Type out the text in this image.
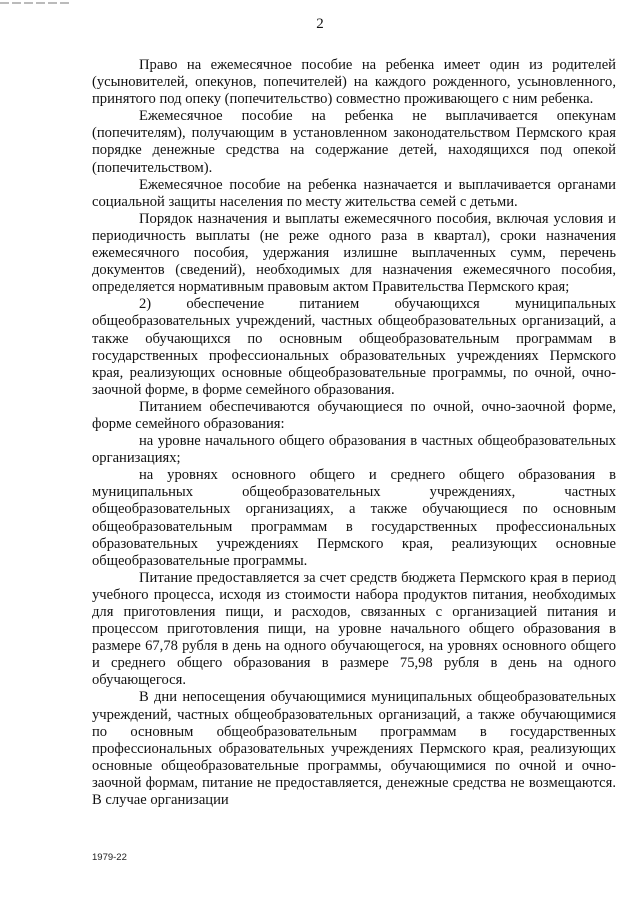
2

Право на ежемесячное пособие на ребенка имеет один из родителей (усыновителей, опекунов, попечителей) на каждого рожденного, усыновленного, принятого под опеку (попечительство) совместно проживающего с ним ребенка.

Ежемесячное пособие на ребенка не выплачивается опекунам (попечителям), получающим в установленном законодательством Пермского края порядке денежные средства на содержание детей, находящихся под опекой (попечительством).

Ежемесячное пособие на ребенка назначается и выплачивается органами социальной защиты населения по месту жительства семей с детьми.

Порядок назначения и выплаты ежемесячного пособия, включая условия и периодичность выплаты (не реже одного раза в квартал), сроки назначения ежемесячного пособия, удержания излишне выплаченных сумм, перечень документов (сведений), необходимых для назначения ежемесячного пособия, определяется нормативным правовым актом Правительства Пермского края;

2) обеспечение питанием обучающихся муниципальных общеобразовательных учреждений, частных общеобразовательных организаций, а также обучающихся по основным общеобразовательным программам в государственных профессиональных образовательных учреждениях Пермского края, реализующих основные общеобразовательные программы, по очной, очно-заочной форме, в форме семейного образования.

Питанием обеспечиваются обучающиеся по очной, очно-заочной форме, форме семейного образования:

на уровне начального общего образования в частных общеобразовательных организациях;

на уровнях основного общего и среднего общего образования в муниципальных общеобразовательных учреждениях, частных общеобразовательных организациях, а также обучающиеся по основным общеобразовательным программам в государственных профессиональных образовательных учреждениях Пермского края, реализующих основные общеобразовательные программы.

Питание предоставляется за счет средств бюджета Пермского края в период учебного процесса, исходя из стоимости набора продуктов питания, необходимых для приготовления пищи, и расходов, связанных с организацией питания и процессом приготовления пищи, на уровне начального общего образования в размере 67,78 рубля в день на одного обучающегося, на уровнях основного общего и среднего общего образования в размере 75,98 рубля в день на одного обучающегося.

В дни непосещения обучающимися муниципальных общеобразовательных учреждений, частных общеобразовательных организаций, а также обучающимися по основным общеобразовательным программам в государственных профессиональных образовательных учреждениях Пермского края, реализующих основные общеобразовательные программы, обучающимися по очной и очно-заочной формам, питание не предоставляется, денежные средства не возмещаются. В случае организации

1979-22
